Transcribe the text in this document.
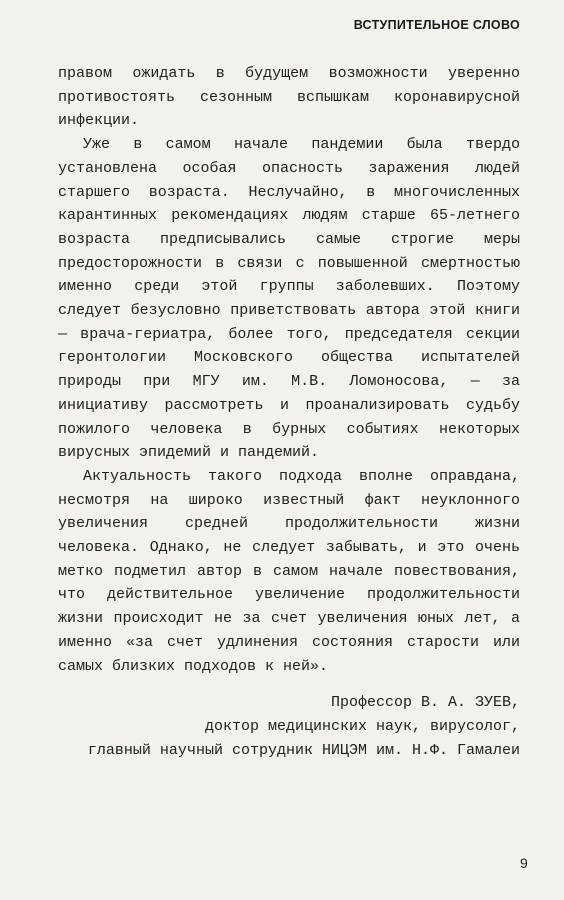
ВСТУПИТЕЛЬНОЕ СЛОВО

правом ожидать в будущем возможности уверенно противостоять сезонным вспышкам коронавирусной инфекции.

Уже в самом начале пандемии была твердо установлена особая опасность заражения людей старшего возраста. Неслучайно, в многочисленных карантинных рекомендациях людям старше 65-летнего возраста предписывались самые строгие меры предосторожности в связи с повышенной смертностью именно среди этой группы заболевших. Поэтому следует безусловно приветствовать автора этой книги — врача-гериатра, более того, председателя секции геронтологии Московского общества испытателей природы при МГУ им. М.В. Ломоносова, — за инициативу рассмотреть и проанализировать судьбу пожилого человека в бурных событиях некоторых вирусных эпидемий и пандемий.

Актуальность такого подхода вполне оправдана, несмотря на широко известный факт неуклонного увеличения средней продолжительности жизни человека. Однако, не следует забывать, и это очень метко подметил автор в самом начале повествования, что действительное увеличение продолжительности жизни происходит не за счет увеличения юных лет, а именно «за счет удлинения состояния старости или самых близких подходов к ней».

Профессор В. А. ЗУЕВ,
доктор медицинских наук, вирусолог,
главный научный сотрудник НИЦЭМ им. Н.Ф. Гамалеи
9
